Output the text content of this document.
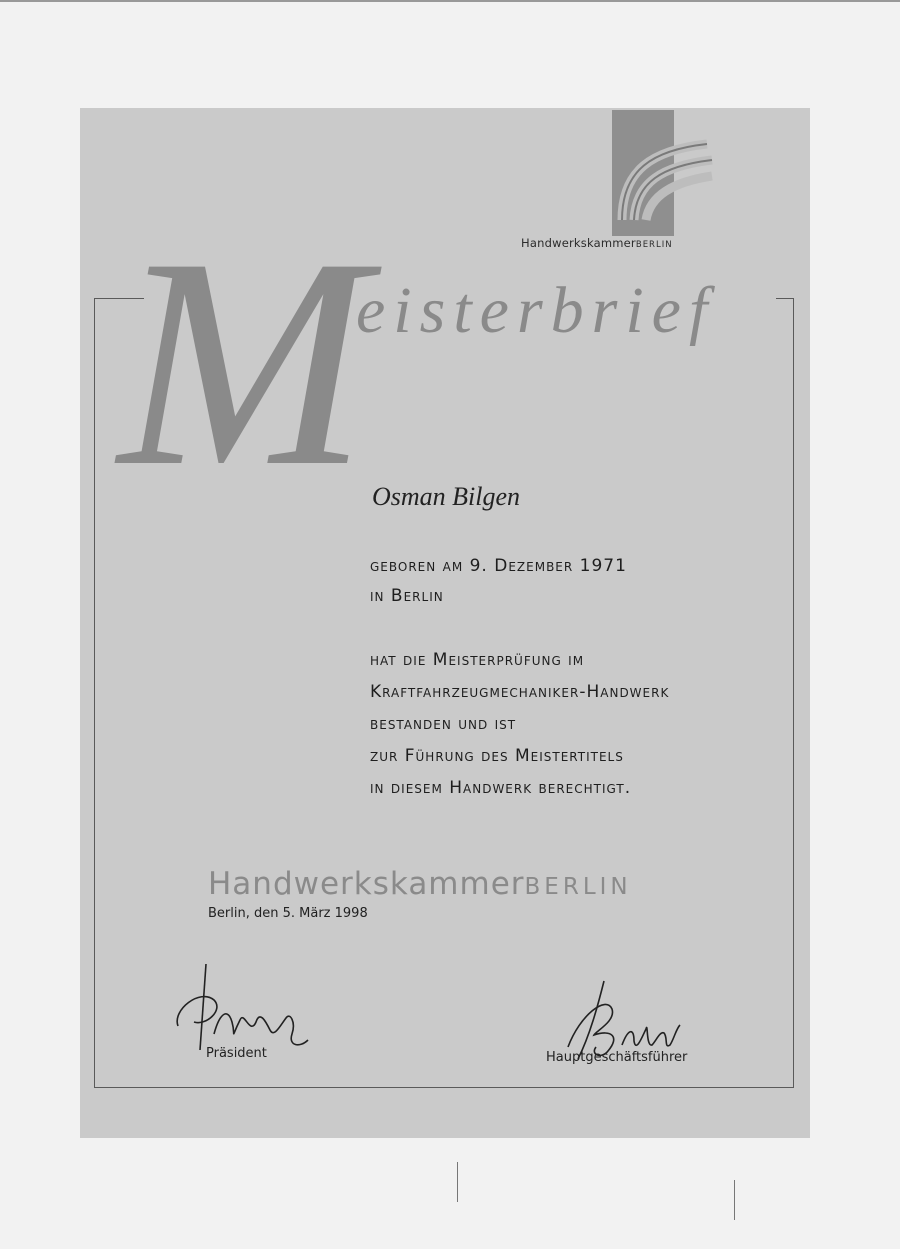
HandwerkskammerBERLIN
M
eisterbrief
Osman Bilgen
geboren am 9. Dezember 1971
in Berlin
hat die Meisterprüfung im
Kraftfahrzeugmechaniker-Handwerk
bestanden und ist
zur Führung des Meistertitels
in diesem Handwerk berechtigt.
HandwerkskammerBERLIN
Berlin, den 5. März 1998
Präsident	Hauptgeschäftsführer
